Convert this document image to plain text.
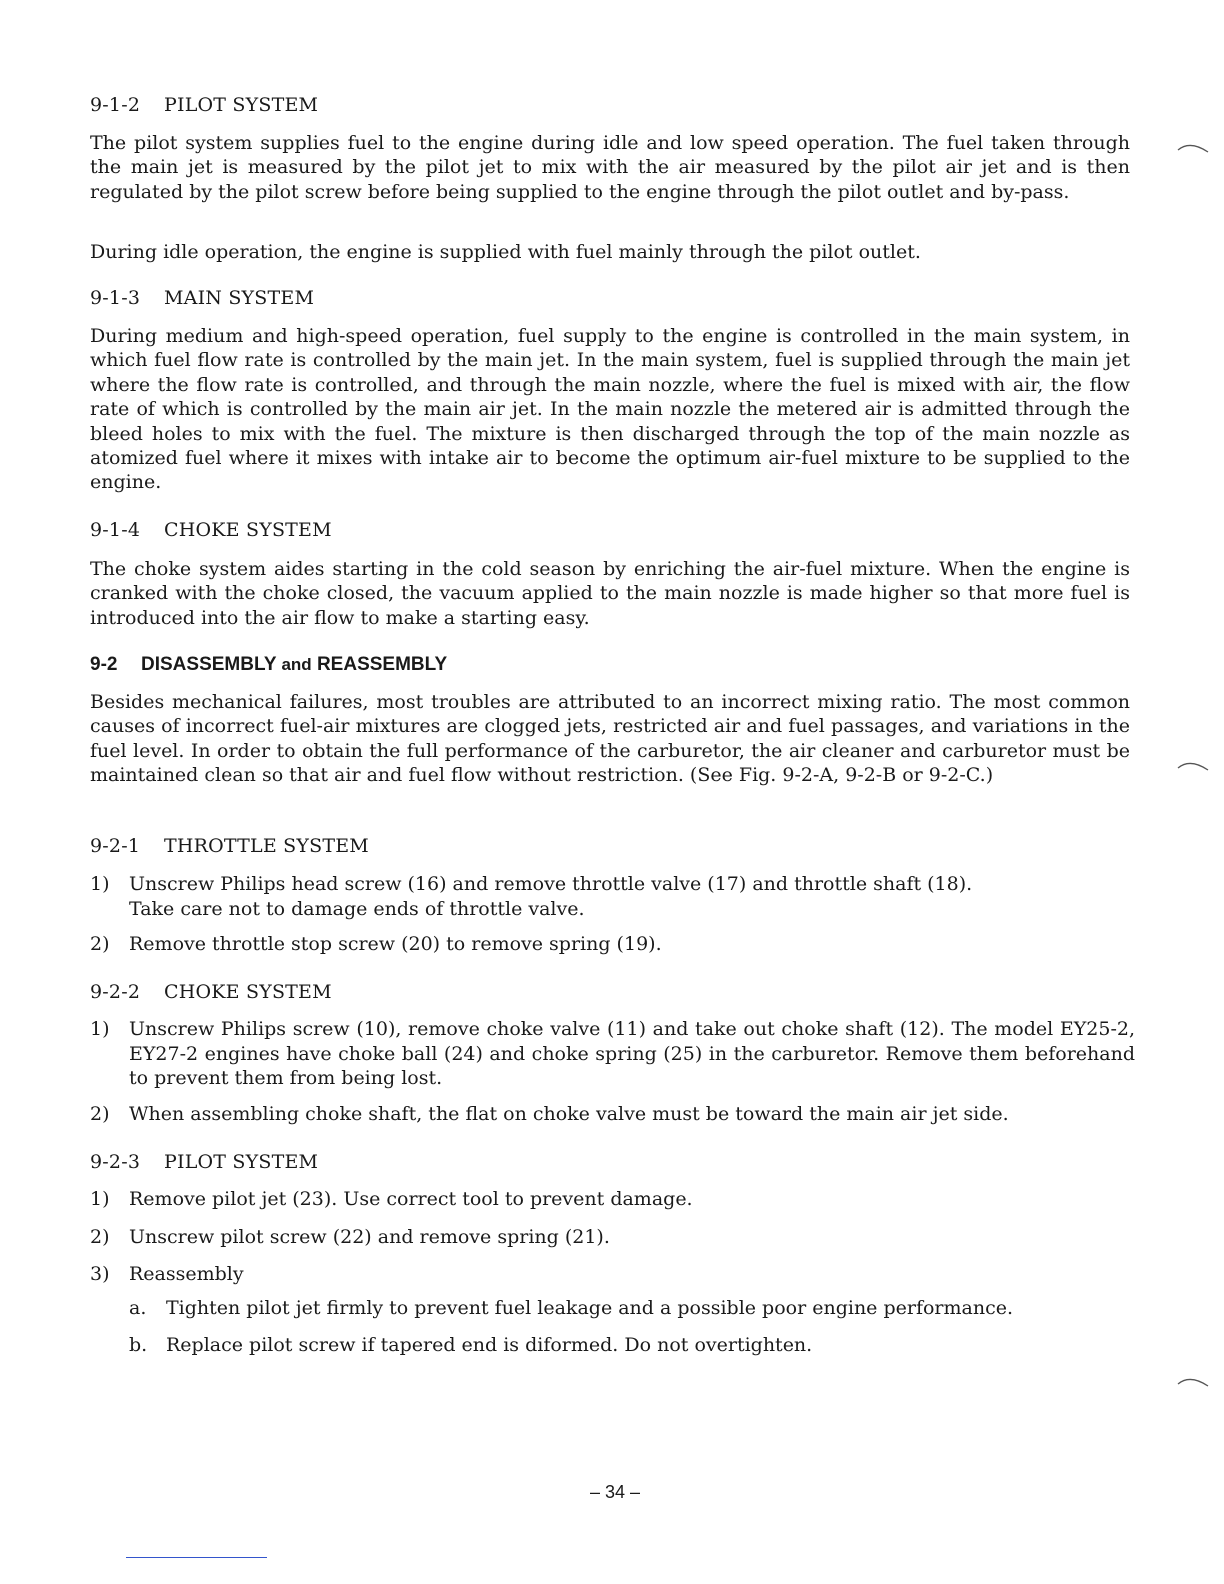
9-1-2 PILOT SYSTEM
The pilot system supplies fuel to the engine during idle and low speed operation. The fuel taken through the main jet is measured by the pilot jet to mix with the air measured by the pilot air jet and is then regulated by the pilot screw before being supplied to the engine through the pilot outlet and by-pass.
During idle operation, the engine is supplied with fuel mainly through the pilot outlet.
9-1-3 MAIN SYSTEM
During medium and high-speed operation, fuel supply to the engine is controlled in the main system, in which fuel flow rate is controlled by the main jet. In the main system, fuel is supplied through the main jet where the flow rate is controlled, and through the main nozzle, where the fuel is mixed with air, the flow rate of which is controlled by the main air jet. In the main nozzle the metered air is admitted through the bleed holes to mix with the fuel. The mixture is then discharged through the top of the main nozzle as atomized fuel where it mixes with intake air to become the optimum air-fuel mixture to be supplied to the engine.
9-1-4 CHOKE SYSTEM
The choke system aides starting in the cold season by enriching the air-fuel mixture. When the engine is cranked with the choke closed, the vacuum applied to the main nozzle is made higher so that more fuel is introduced into the air flow to make a starting easy.
9-2 DISASSEMBLY and REASSEMBLY
Besides mechanical failures, most troubles are attributed to an incorrect mixing ratio. The most common causes of incorrect fuel-air mixtures are clogged jets, restricted air and fuel passages, and variations in the fuel level. In order to obtain the full performance of the carburetor, the air cleaner and carburetor must be maintained clean so that air and fuel flow without restriction. (See Fig. 9-2-A, 9-2-B or 9-2-C.)
9-2-1 THROTTLE SYSTEM
1)	Unscrew Philips head screw (16) and remove throttle valve (17) and throttle shaft (18).
Take care not to damage ends of throttle valve.
2)	Remove throttle stop screw (20) to remove spring (19).
9-2-2 CHOKE SYSTEM
1)	Unscrew Philips screw (10), remove choke valve (11) and take out choke shaft (12). The model EY25-2, EY27-2 engines have choke ball (24) and choke spring (25) in the carburetor. Remove them beforehand to prevent them from being lost.
2)	When assembling choke shaft, the flat on choke valve must be toward the main air jet side.
9-2-3 PILOT SYSTEM
1)	Remove pilot jet (23). Use correct tool to prevent damage.
2)	Unscrew pilot screw (22) and remove spring (21).
3)	Reassembly
a.	Tighten pilot jet firmly to prevent fuel leakage and a possible poor engine performance.
b. Replace pilot screw if tapered end is diformed. Do not overtighten.
– 34 –
